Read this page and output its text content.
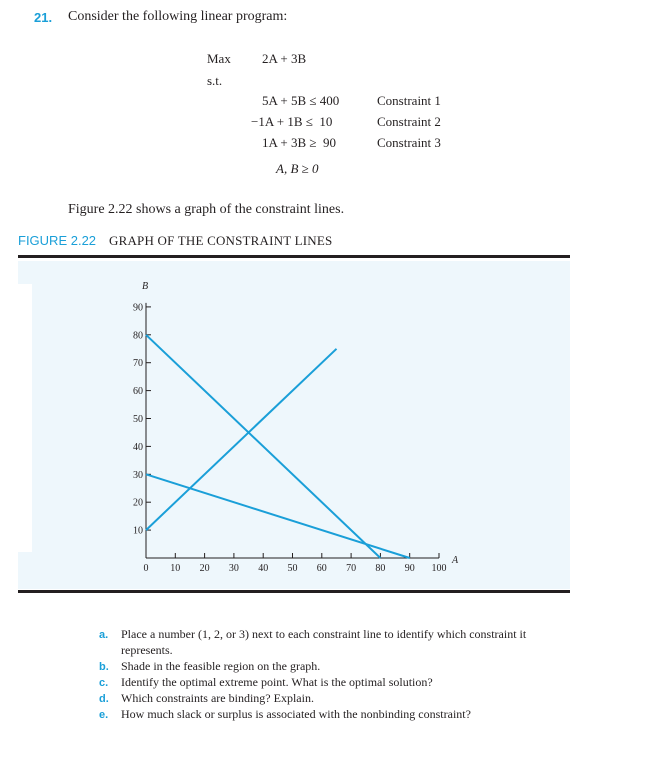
21. Consider the following linear program:
Max 2A + 3B
s.t.
5A + 5B ≤ 400	Constraint 1
−1A + 1B ≤  10	Constraint 2
1A + 3B ≥  90	Constraint 3
A, B ≥ 0
Figure 2.22 shows a graph of the constraint lines.
FIGURE 2.22 GRAPH OF THE CONSTRAINT LINES
B
A
10
20
30
40
50
60
70
80
90
0 10 20 30 40 50 60 70 80 90 100
a. Place a number (1, 2, or 3) next to each constraint line to identify which constraint it
represents.
b. Shade in the feasible region on the graph.
c. Identify the optimal extreme point. What is the optimal solution?
d. Which constraints are binding? Explain.
e. How much slack or surplus is associated with the nonbinding constraint?
